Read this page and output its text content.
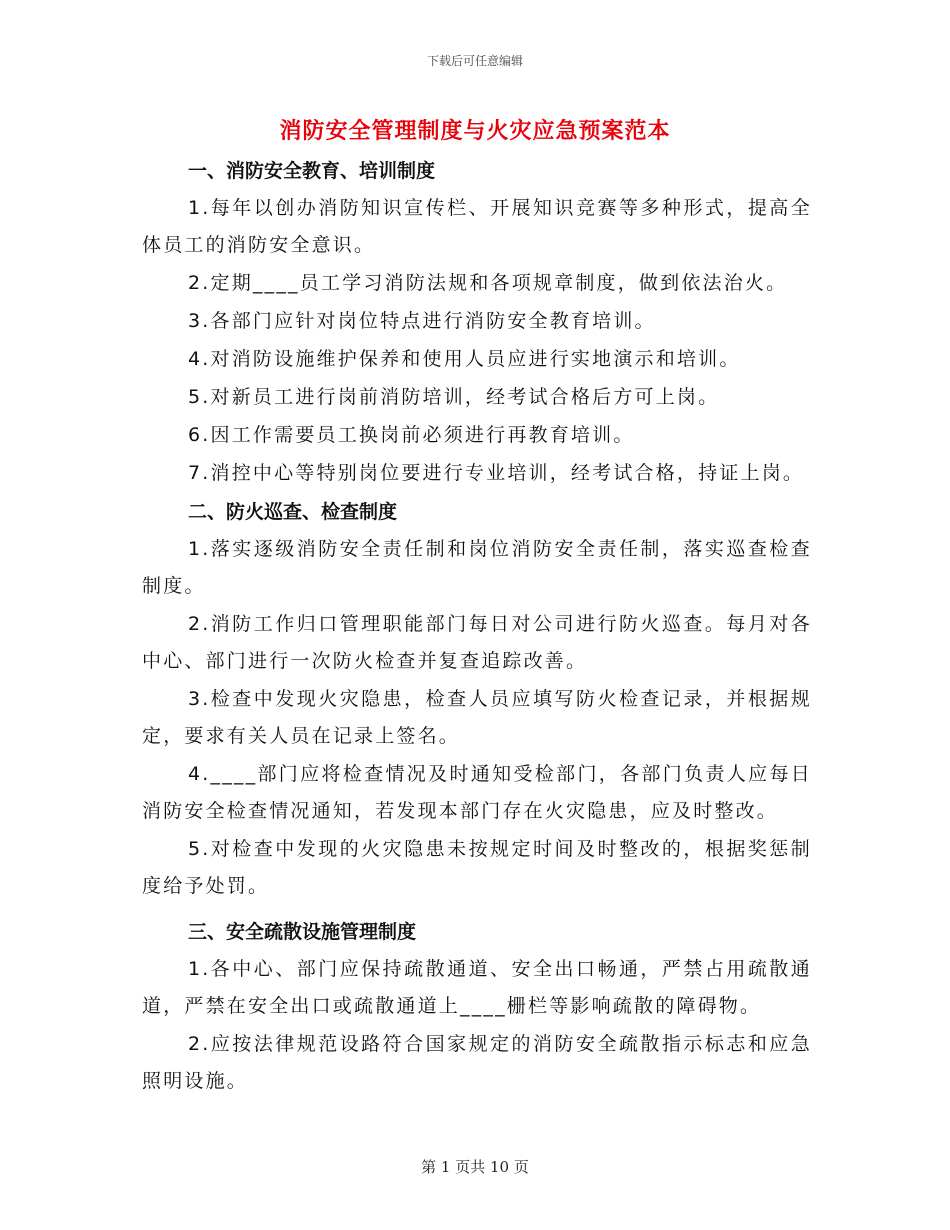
下载后可任意编辑
消防安全管理制度与火灾应急预案范本
一、消防安全教育、培训制度

1.每年以创办消防知识宣传栏、开展知识竞赛等多种形式，提高全体员工的消防安全意识。

2.定期____员工学习消防法规和各项规章制度，做到依法治火。

3.各部门应针对岗位特点进行消防安全教育培训。

4.对消防设施维护保养和使用人员应进行实地演示和培训。

5.对新员工进行岗前消防培训，经考试合格后方可上岗。

6.因工作需要员工换岗前必须进行再教育培训。

7.消控中心等特别岗位要进行专业培训，经考试合格，持证上岗。

二、防火巡查、检查制度

1.落实逐级消防安全责任制和岗位消防安全责任制，落实巡查检查制度。

2.消防工作归口管理职能部门每日对公司进行防火巡查。每月对各中心、部门进行一次防火检查并复查追踪改善。

3.检查中发现火灾隐患，检查人员应填写防火检查记录，并根据规定，要求有关人员在记录上签名。

4.____部门应将检查情况及时通知受检部门，各部门负责人应每日消防安全检查情况通知，若发现本部门存在火灾隐患，应及时整改。

5.对检查中发现的火灾隐患未按规定时间及时整改的，根据奖惩制度给予处罚。

三、安全疏散设施管理制度

1.各中心、部门应保持疏散通道、安全出口畅通，严禁占用疏散通道，严禁在安全出口或疏散通道上____栅栏等影响疏散的障碍物。

2.应按法律规范设路符合国家规定的消防安全疏散指示标志和应急照明设施。

第 1 页共 10 页
